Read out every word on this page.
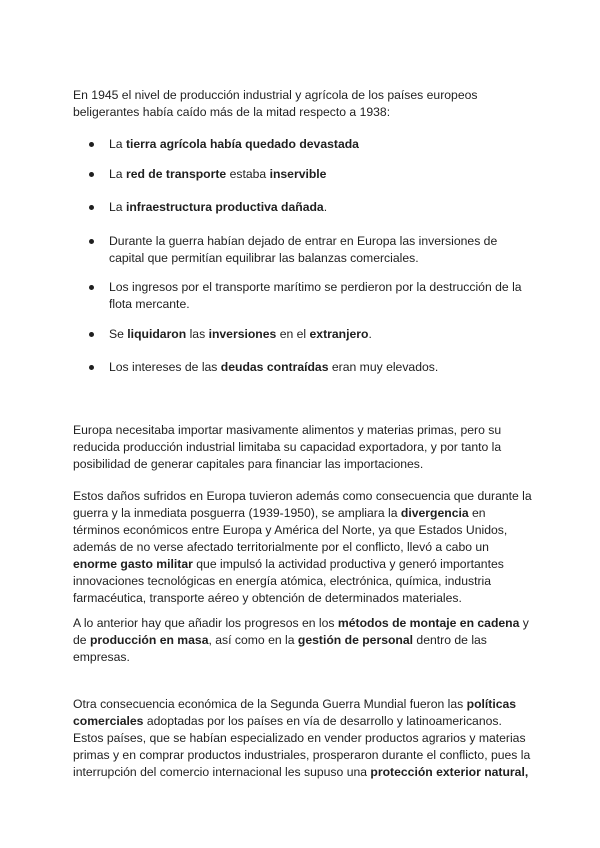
En 1945 el nivel de producción industrial y agrícola de los países europeos beligerantes había caído más de la mitad respecto a 1938:

La tierra agrícola había quedado devastada
La red de transporte estaba inservible
La infraestructura productiva dañada.
Durante la guerra habían dejado de entrar en Europa las inversiones de capital que permitían equilibrar las balanzas comerciales.
Los ingresos por el transporte marítimo se perdieron por la destrucción de la flota mercante.
Se liquidaron las inversiones en el extranjero.
Los intereses de las deudas contraídas eran muy elevados.

Europa necesitaba importar masivamente alimentos y materias primas, pero su reducida producción industrial limitaba su capacidad exportadora, y por tanto la posibilidad de generar capitales para financiar las importaciones.

Estos daños sufridos en Europa tuvieron además como consecuencia que durante la guerra y la inmediata posguerra (1939-1950), se ampliara la divergencia en términos económicos entre Europa y América del Norte, ya que Estados Unidos, además de no verse afectado territorialmente por el conflicto, llevó a cabo un enorme gasto militar que impulsó la actividad productiva y generó importantes innovaciones tecnológicas en energía atómica, electrónica, química, industria farmacéutica, transporte aéreo y obtención de determinados materiales.

A lo anterior hay que añadir los progresos en los métodos de montaje en cadena y de producción en masa, así como en la gestión de personal dentro de las empresas.

Otra consecuencia económica de la Segunda Guerra Mundial fueron las políticas comerciales adoptadas por los países en vía de desarrollo y latinoamericanos. Estos países, que se habían especializado en vender productos agrarios y materias primas y en comprar productos industriales, prosperaron durante el conflicto, pues la interrupción del comercio internacional les supuso una protección exterior natural,
